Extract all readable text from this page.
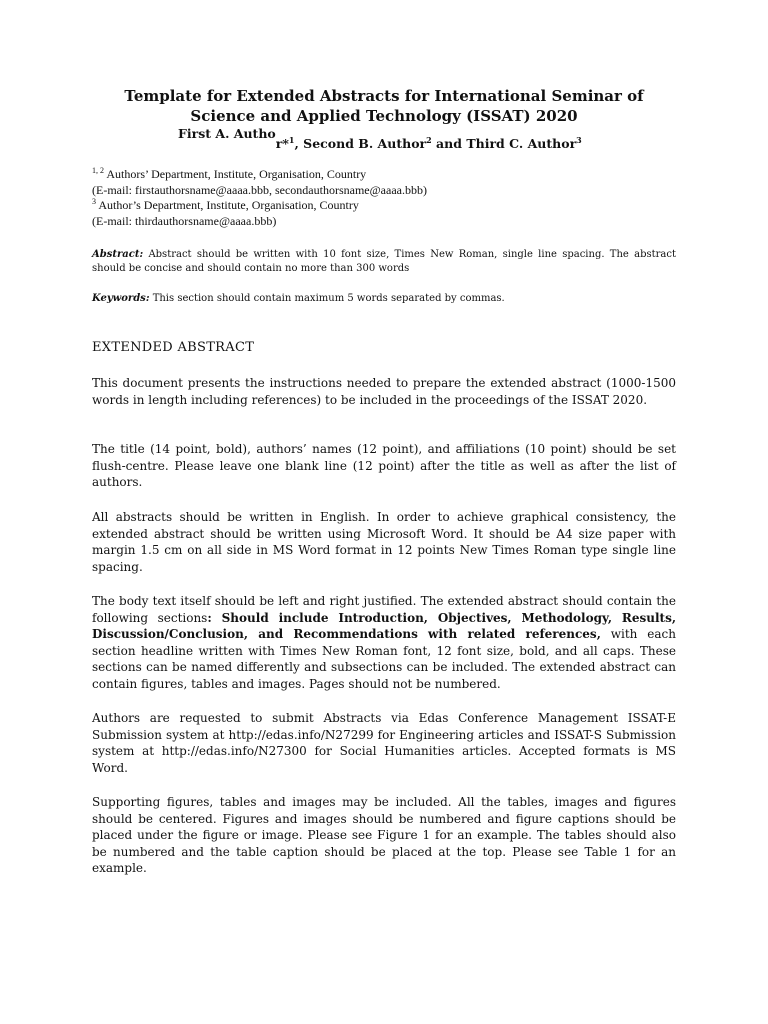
Template for Extended Abstracts for International Seminar of Science and Applied Technology (ISSAT) 2020
First A. Author*$^1$, Second B. Author$^2$ and Third C. Author$^3$
$^{1, 2}$ Authors’ Department, Institute, Organisation, Country
(E-mail: firstauthorsname@aaaa.bbb, secondauthorsname@aaaa.bbb)
$^3$ Author’s Department, Institute, Organisation, Country
(E-mail: thirdauthorsname@aaaa.bbb)
Abstract: Abstract should be written with 10 font size, Times New Roman, single line spacing. The abstract should be concise and should contain no more than 300 words
Keywords: This section should contain maximum 5 words separated by commas.
EXTENDED ABSTRACT

This document presents the instructions needed to prepare the extended abstract (1000-1500 words in length including references) to be included in the proceedings of the ISSAT 2020.

The title (14 point, bold), authors’ names (12 point), and affiliations (10 point) should be set flush-centre. Please leave one blank line (12 point) after the title as well as after the list of authors.

All abstracts should be written in English. In order to achieve graphical consistency, the extended abstract should be written using Microsoft Word. It should be A4 size paper with margin 1.5 cm on all side in MS Word format in 12 points New Times Roman type single line spacing.

The body text itself should be left and right justified. The extended abstract should contain the following sections: Should include Introduction, Objectives, Methodology, Results, Discussion/Conclusion, and Recommendations with related references, with each section headline written with Times New Roman font, 12 font size, bold, and all caps. These sections can be named differently and subsections can be included. The extended abstract can contain figures, tables and images. Pages should not be numbered.

Authors are requested to submit Abstracts via Edas Conference Management ISSAT-E Submission system at http://edas.info/N27299 for Engineering articles and ISSAT-S Submission system at http://edas.info/N27300 for Social Humanities articles. Accepted formats is MS Word.

Supporting figures, tables and images may be included. All the tables, images and figures should be centered. Figures and images should be numbered and figure captions should be placed under the figure or image. Please see Figure 1 for an example. The tables should also be numbered and the table caption should be placed at the top. Please see Table 1 for an example.
